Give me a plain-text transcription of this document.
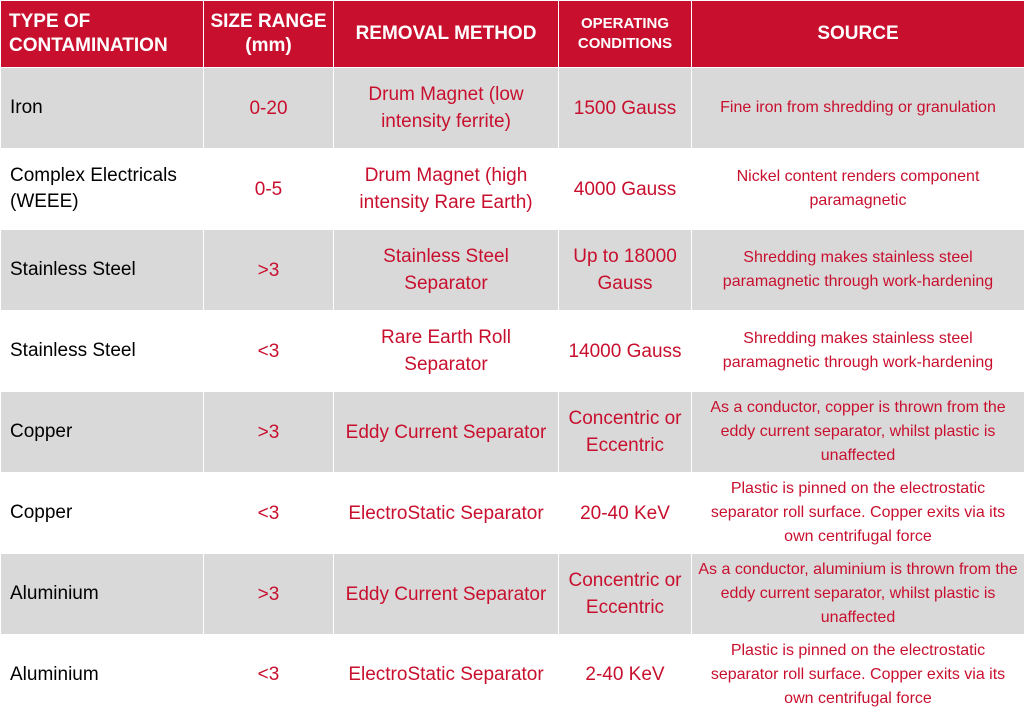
TYPE OF CONTAMINATION	SIZE RANGE (mm)	REMOVAL METHOD	OPERATING CONDITIONS	SOURCE
Iron	0-20	Drum Magnet (low intensity ferrite)	1500 Gauss	Fine iron from shredding or granulation
Complex Electricals (WEEE)	0-5	Drum Magnet (high intensity Rare Earth)	4000 Gauss	Nickel content renders component paramagnetic
Stainless Steel	>3	Stainless Steel Separator	Up to 18000 Gauss	Shredding makes stainless steel paramagnetic through work-hardening
Stainless Steel	<3	Rare Earth Roll Separator	14000 Gauss	Shredding makes stainless steel paramagnetic through work-hardening
Copper	>3	Eddy Current Separator	Concentric or Eccentric	As a conductor, copper is thrown from the eddy current separator, whilst plastic is unaffected
Copper	<3	ElectroStatic Separator	20-40 KeV	Plastic is pinned on the electrostatic separator roll surface. Copper exits via its own centrifugal force
Aluminium	>3	Eddy Current Separator	Concentric or Eccentric	As a conductor, aluminium is thrown from the eddy current separator, whilst plastic is unaffected
Aluminium	<3	ElectroStatic Separator	2-40 KeV	Plastic is pinned on the electrostatic separator roll surface. Copper exits via its own centrifugal force
